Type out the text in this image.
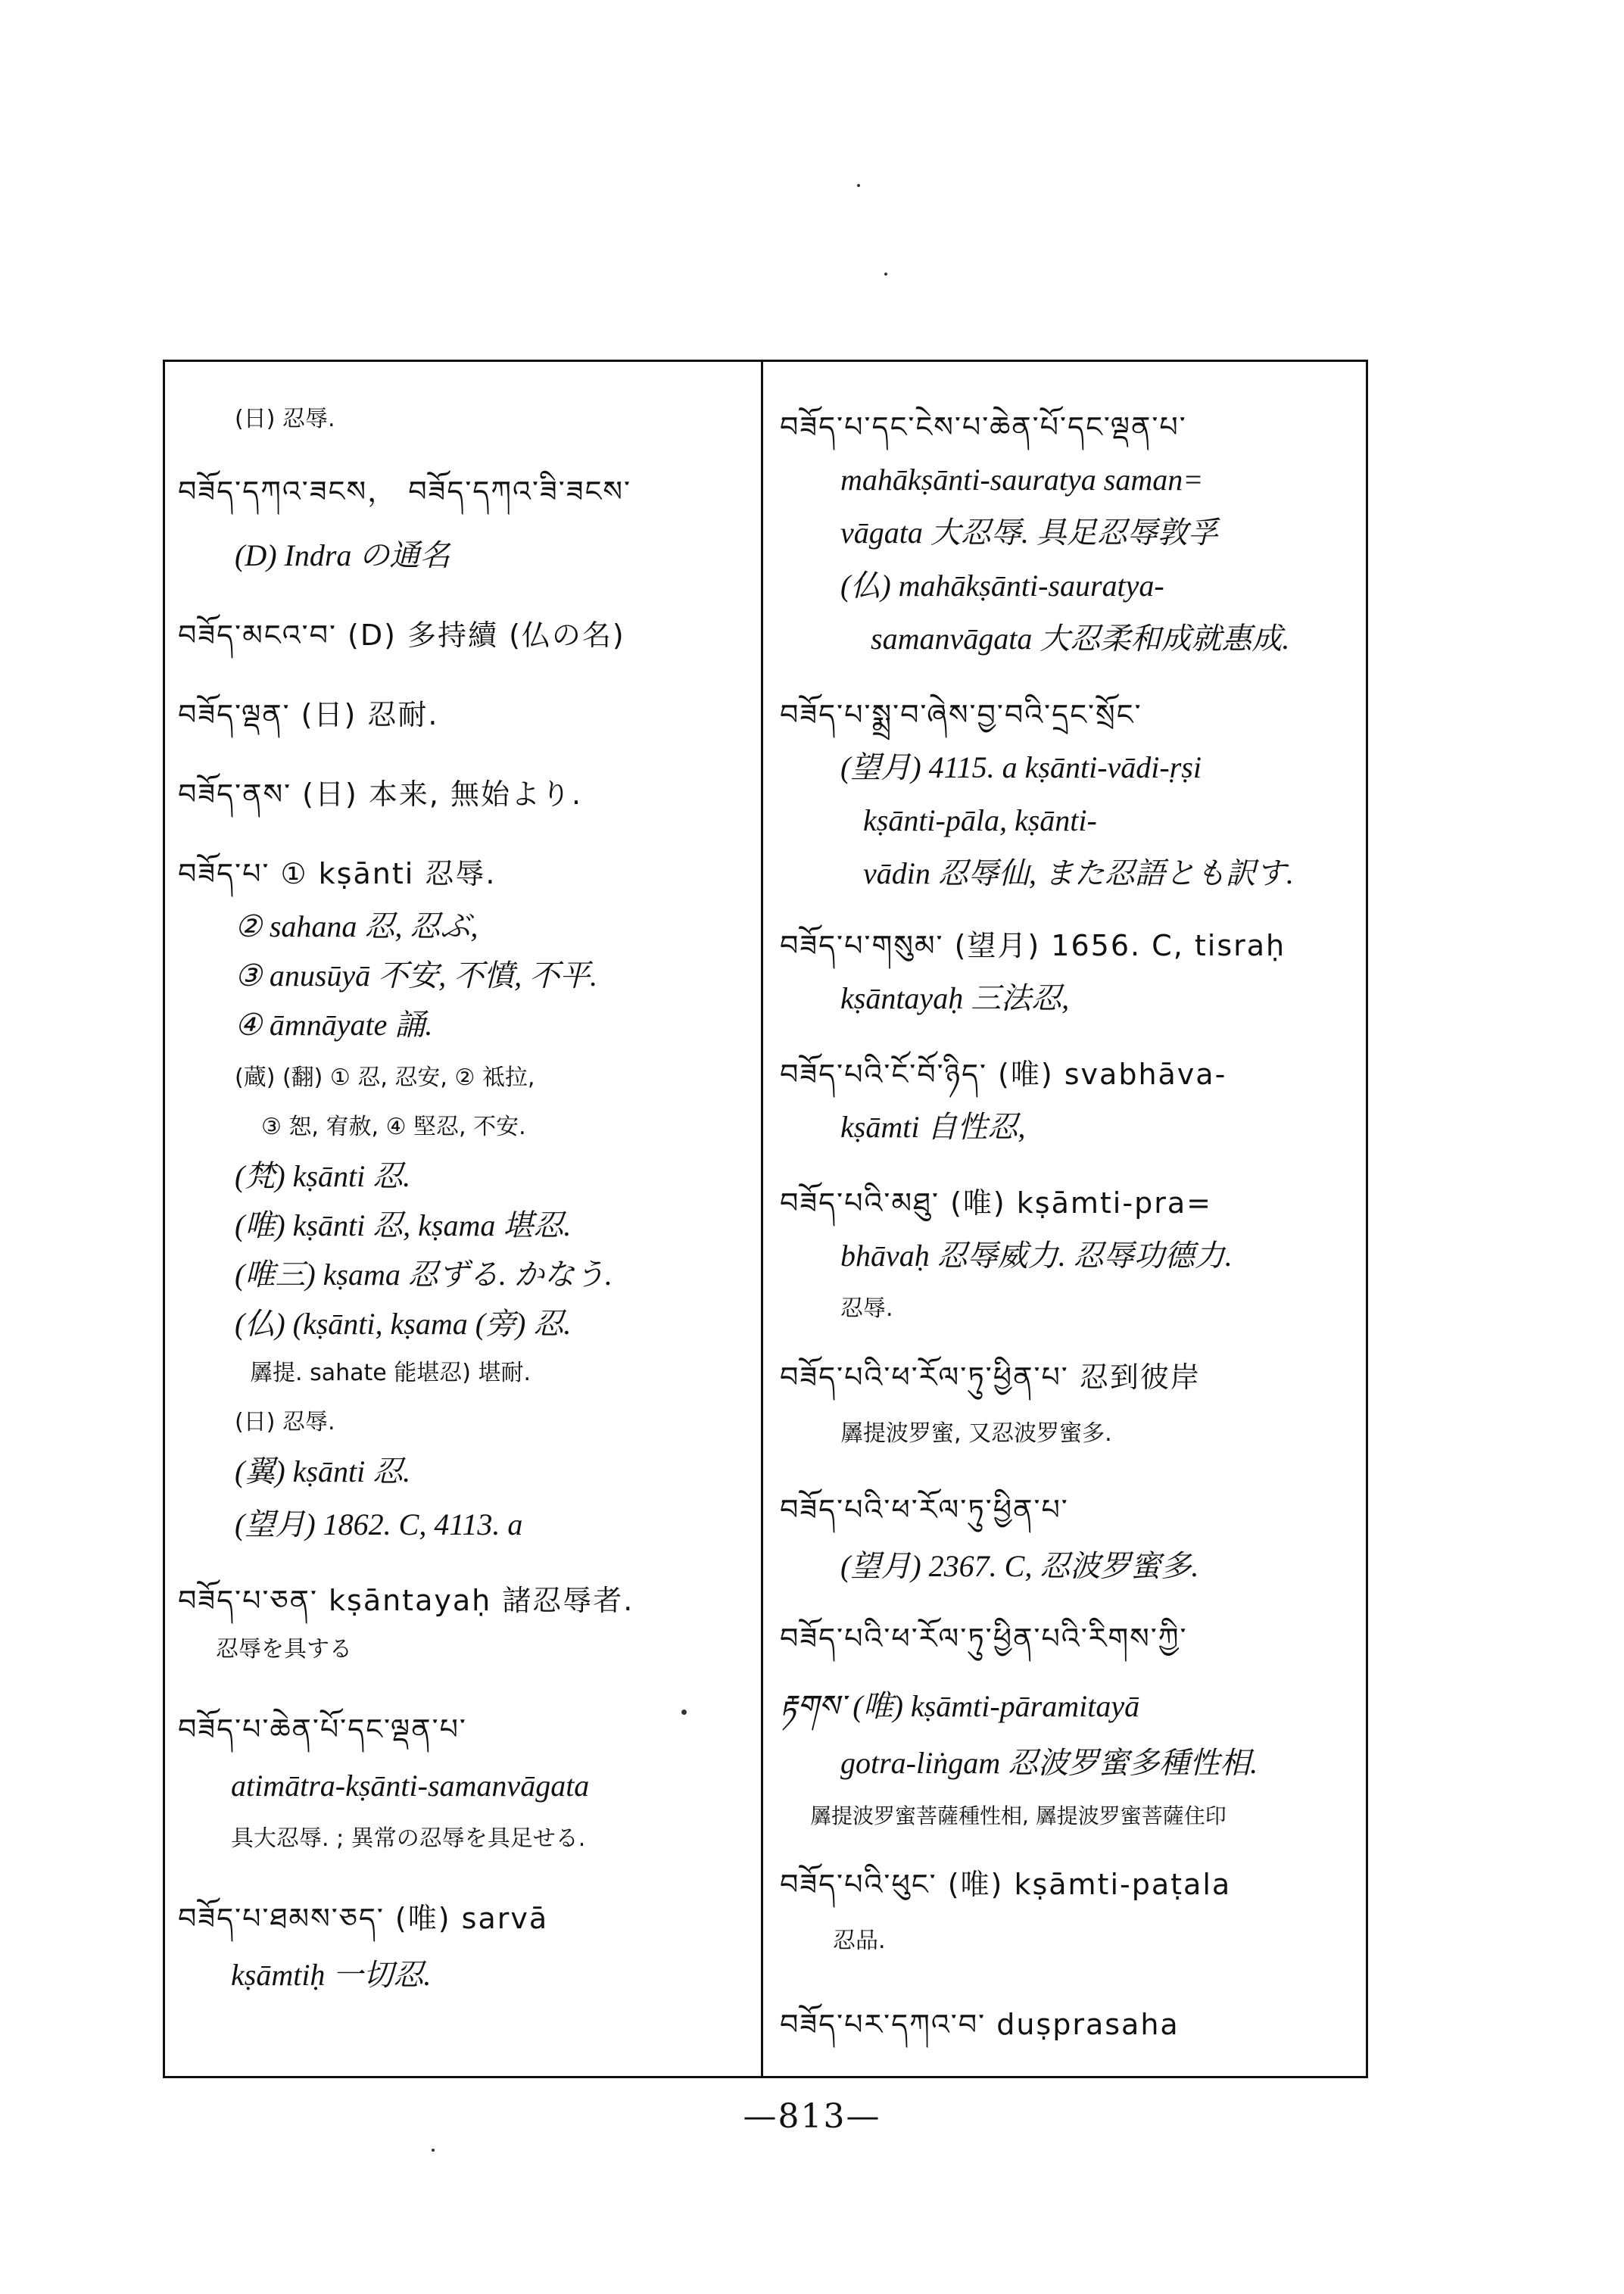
(日) 忍辱.
བཟོད་དཀའ་ཟངས， བཟོད་དཀའ་ཟི་ཟངས་
(D) Indra の通名
བཟོད་མངའ་བ་ (D) 多持續 (仏の名)
བཟོད་ལྡན་ (日) 忍耐.
བཟོད་ནས་ (日) 本来, 無始より.
བཟོད་པ་ ① kṣānti 忍辱.
② sahana 忍, 忍ぶ,
③ anusūyā 不安, 不憤, 不平.
④ āmnāyate 誦.
(蔵) (翻) ① 忍, 忍安, ② 祗拉,
③ 恕, 宥赦, ④ 堅忍, 不安.
(梵) kṣānti 忍.
(唯) kṣānti 忍, kṣama 堪忍.
(唯三) kṣama 忍ずる. かなう.
(仏) (kṣānti, kṣama (旁) 忍.
羼提. sahate 能堪忍) 堪耐.
(日) 忍辱.
(翼) kṣānti 忍.
(望月) 1862. C, 4113. a
བཟོད་པ་ཅན་ kṣāntayaḥ 諸忍辱者.
忍辱を具する
བཟོད་པ་ཆེན་པོ་དང་ལྡན་པ་
atimātra-kṣānti-samanvāgata
具大忍辱. ; 異常の忍辱を具足せる.
བཟོད་པ་ཐམས་ཅད་ (唯) sarvā
kṣāmtiḥ 一切忍.
བཟོད་པ་དང་ངེས་པ་ཆེན་པོ་དང་ལྡན་པ་
mahākṣānti-sauratya saman=
vāgata 大忍辱. 具足忍辱敦孚
(仏) mahākṣānti-sauratya-
samanvāgata 大忍柔和成就惠成.
བཟོད་པ་སྨྲ་བ་ཞེས་བྱ་བའི་དྲང་སྲོང་
(望月) 4115. a kṣānti-vādi-ṛṣi
kṣānti-pāla, kṣānti-
vādin 忍辱仙, また忍語とも訳す.
བཟོད་པ་གསུམ་ (望月) 1656. C, tisraḥ
kṣāntayaḥ 三法忍,
བཟོད་པའི་ངོ་བོ་ཉིད་ (唯) svabhāva-
kṣāmti 自性忍,
བཟོད་པའི་མཐུ་ (唯) kṣāmti-pra=
bhāvaḥ 忍辱威力. 忍辱功德力.
忍辱.
བཟོད་པའི་ཕ་རོལ་ཏུ་ཕྱིན་པ་ 忍到彼岸
羼提波罗蜜, 又忍波罗蜜多.
བཟོད་པའི་ཕ་རོལ་ཏུ་ཕྱིན་པ་
(望月) 2367. C, 忍波罗蜜多.
བཟོད་པའི་ཕ་རོལ་ཏུ་ཕྱིན་པའི་རིགས་ཀྱི་
རྟགས་ (唯) kṣāmti-pāramitayā
gotra-liṅgam 忍波罗蜜多種性相.
羼提波罗蜜菩薩種性相, 羼提波罗蜜菩薩住印
བཟོད་པའི་ཕུང་ (唯) kṣāmti-paṭala
忍品.
བཟོད་པར་དཀའ་བ་ duṣprasaha
—813—
